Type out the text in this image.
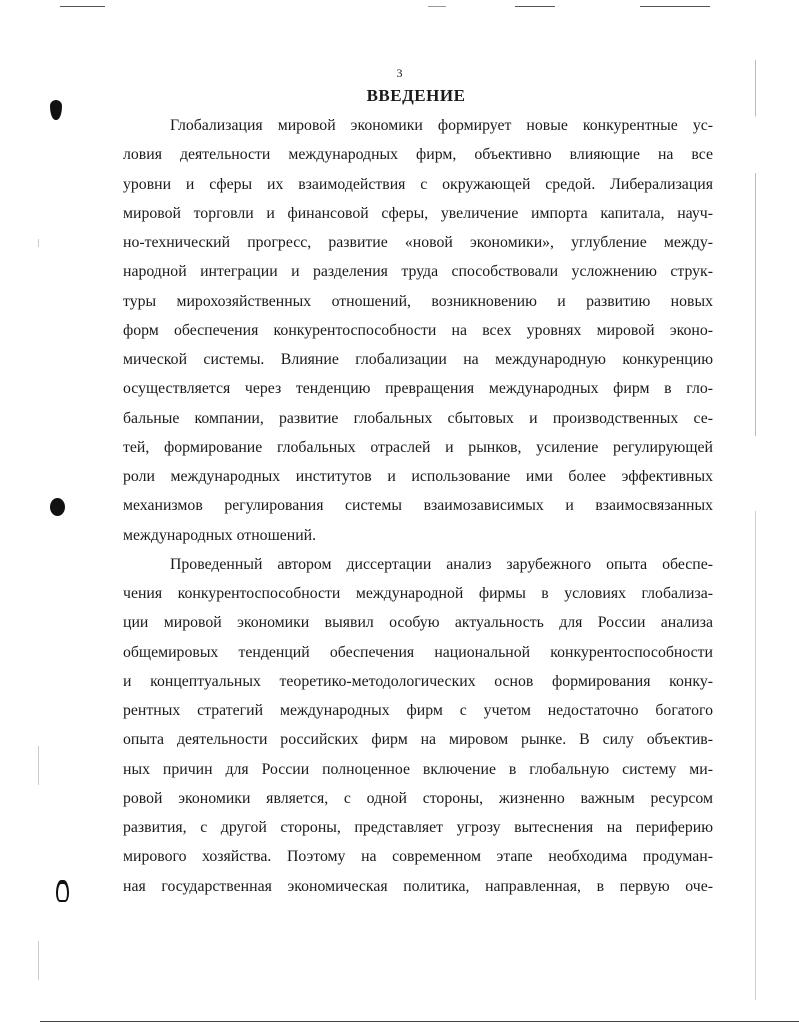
3
ВВЕДЕНИЕ
Глобализация мировой экономики формирует новые конкурентные ус-
ловия деятельности международных фирм, объективно влияющие на все
уровни и сферы их взаимодействия с окружающей средой. Либерализация
мировой торговли и финансовой сферы, увеличение импорта капитала, науч-
но-технический прогресс, развитие «новой экономики», углубление между-
народной интеграции и разделения труда способствовали усложнению струк-
туры мирохозяйственных отношений, возникновению и развитию новых
форм обеспечения конкурентоспособности на всех уровнях мировой эконо-
мической системы. Влияние глобализации на международную конкуренцию
осуществляется через тенденцию превращения международных фирм в гло-
бальные компании, развитие глобальных сбытовых и производственных се-
тей, формирование глобальных отраслей и рынков, усиление регулирующей
роли международных институтов и использование ими более эффективных
механизмов регулирования системы взаимозависимых и взаимосвязанных
международных отношений.
Проведенный автором диссертации анализ зарубежного опыта обеспе-
чения конкурентоспособности международной фирмы в условиях глобализа-
ции мировой экономики выявил особую актуальность для России анализа
общемировых тенденций обеспечения национальной конкурентоспособности
и концептуальных теоретико-методологических основ формирования конку-
рентных стратегий международных фирм с учетом недостаточно богатого
опыта деятельности российских фирм на мировом рынке. В силу объектив-
ных причин для России полноценное включение в глобальную систему ми-
ровой экономики является, с одной стороны, жизненно важным ресурсом
развития, с другой стороны, представляет угрозу вытеснения на периферию
мирового хозяйства. Поэтому на современном этапе необходима продуман-
ная государственная экономическая политика, направленная, в первую оче-
